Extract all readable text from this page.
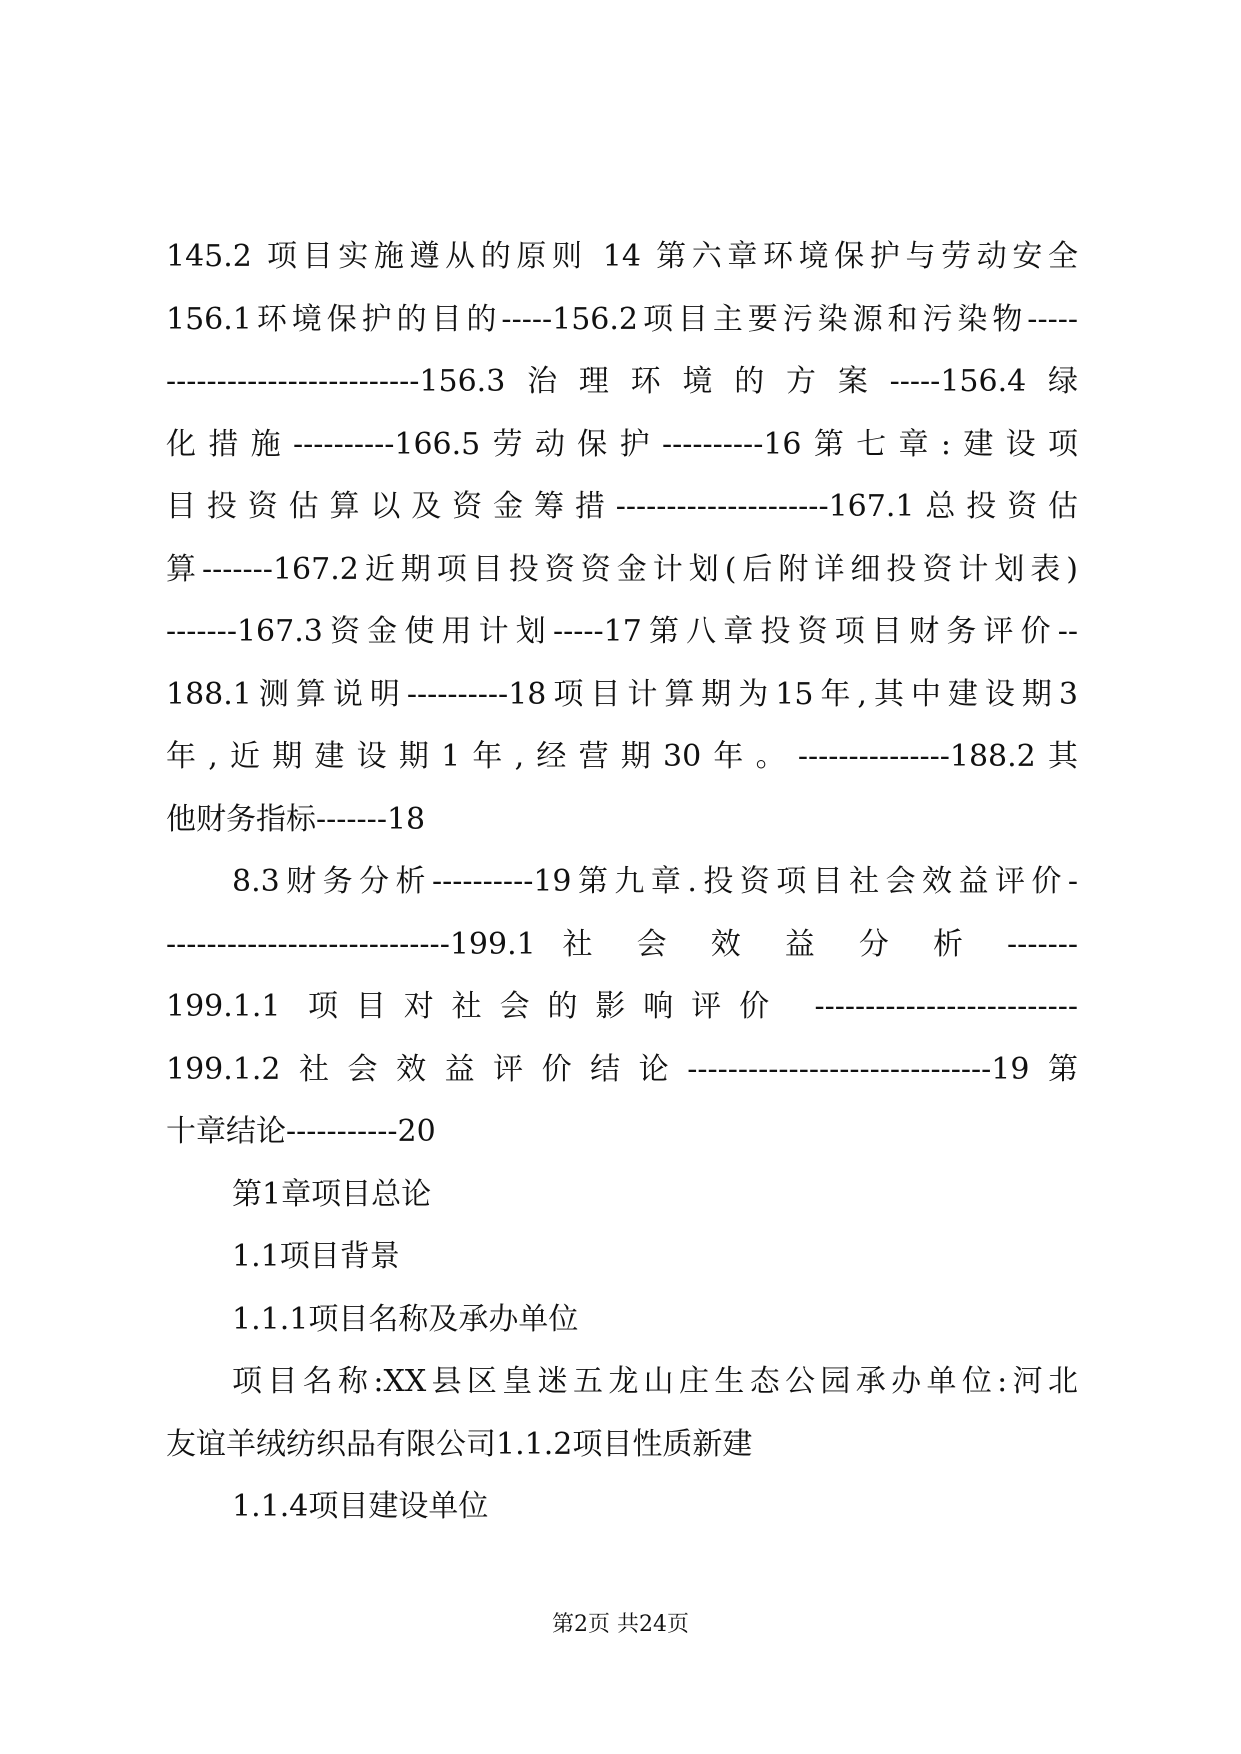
145.2 项目实施遵从的原则 14 第六章环境保护与劳动安全
156.1环境保护的目的-----156.2项目主要污染源和污染物-----
-------------------------156.3治理环境的方案-----156.4绿
化措施----------166.5劳动保护----------16第七章:建设项
目投资估算以及资金筹措---------------------167.1总投资估
算-------167.2近期项目投资资金计划(后附详细投资计划表)
-------167.3资金使用计划-----17第八章投资项目财务评价--
188.1测算说明----------18项目计算期为15年,其中建设期3
年,近期建设期1年,经营期30年。---------------188.2其
他财务指标-------18
8.3财务分析----------19第九章.投资项目社会效益评价-
----------------------------199.1 社 会 效 益 分 析 -------
199.1.1 项目对社会的影响评价 --------------------------
199.1.2社会效益评价结论------------------------------19第
十章结论-----------20
第1章项目总论
1.1项目背景
1.1.1项目名称及承办单位
项目名称:XX县区皇迷五龙山庄生态公园承办单位:河北
友谊羊绒纺织品有限公司1.1.2项目性质新建
1.1.4项目建设单位
第2页 共24页
